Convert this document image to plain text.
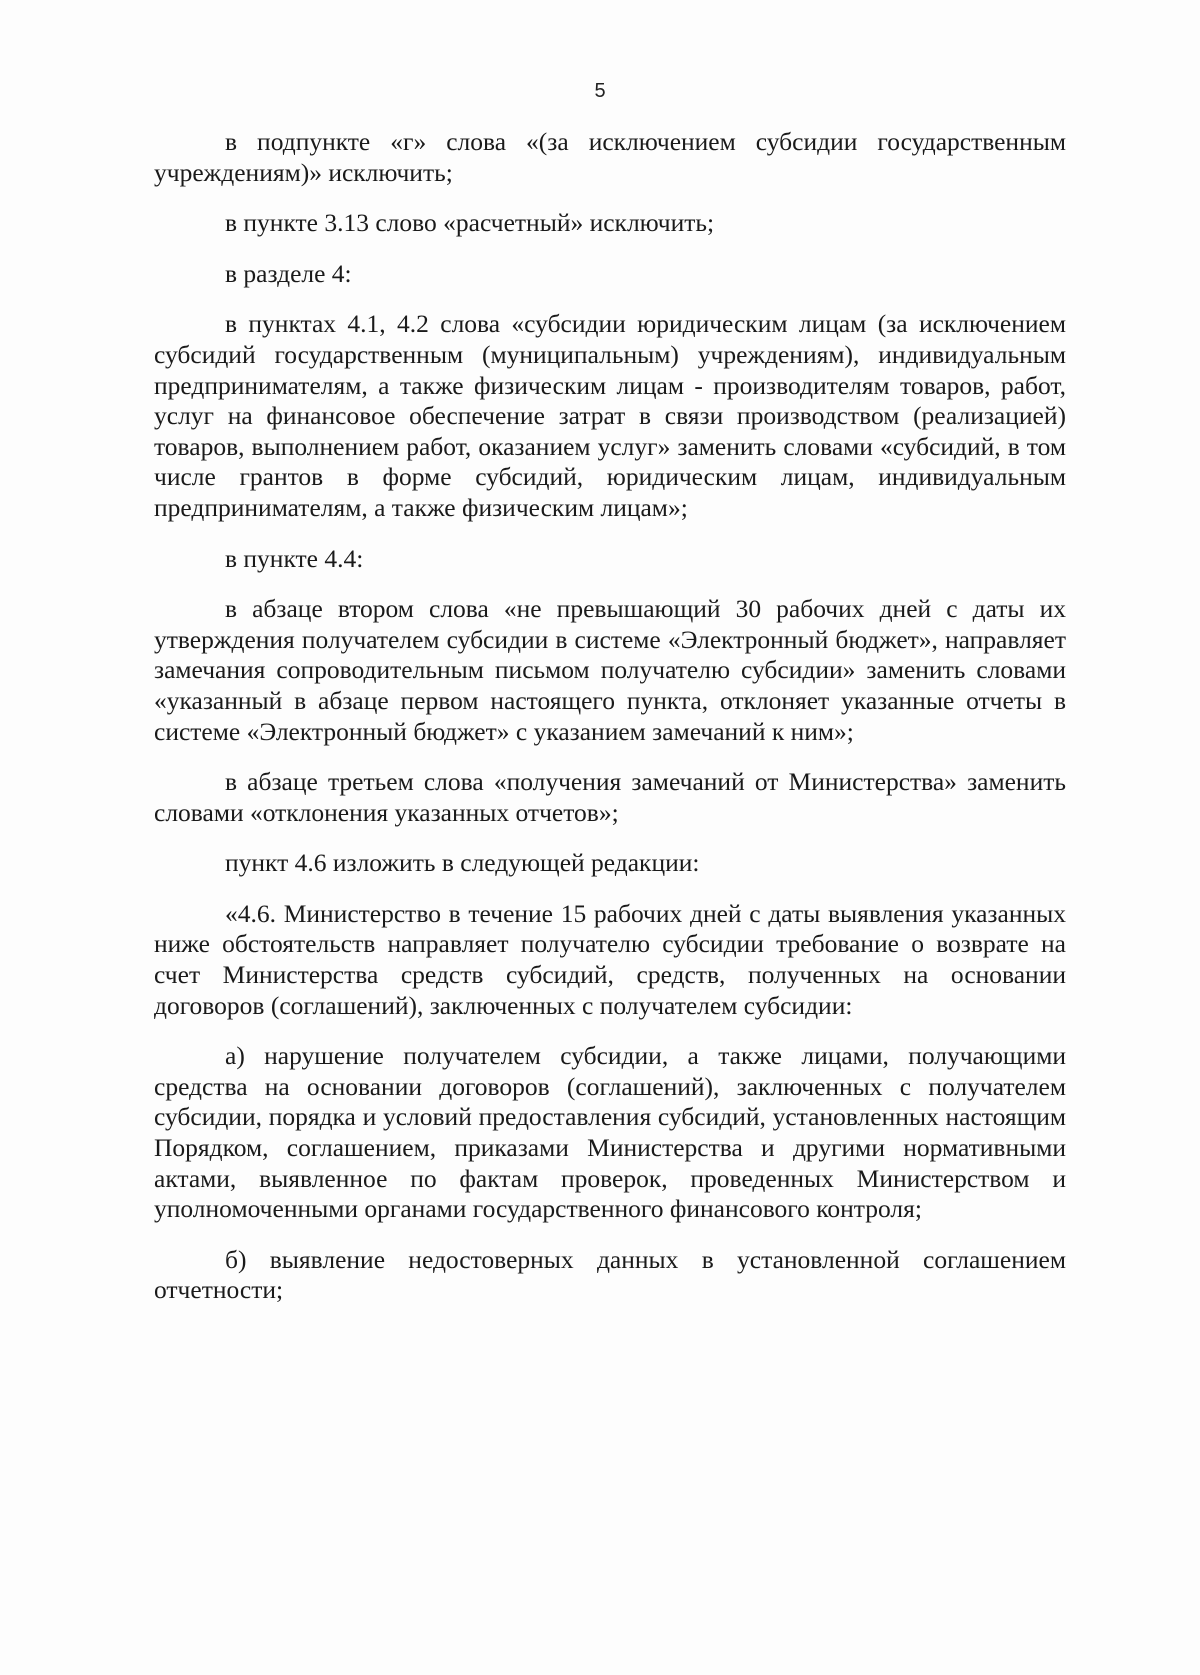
5

в подпункте «г» слова «(за исключением субсидии государственным учреждениям)» исключить;

в пункте 3.13 слово «расчетный» исключить;

в разделе 4:

в пунктах 4.1, 4.2 слова «субсидии юридическим лицам (за исключением субсидий государственным (муниципальным) учреждениям), индивидуальным предпринимателям, а также физическим лицам - производителям товаров, работ, услуг на финансовое обеспечение затрат в связи производством (реализацией) товаров, выполнением работ, оказанием услуг» заменить словами «субсидий, в том числе грантов в форме субсидий, юридическим лицам, индивидуальным предпринимателям, а также физическим лицам»;

в пункте 4.4:

в абзаце втором слова «не превышающий 30 рабочих дней с даты их утверждения получателем субсидии в системе «Электронный бюджет», направляет замечания сопроводительным письмом получателю субсидии» заменить словами «указанный в абзаце первом настоящего пункта, отклоняет указанные отчеты в системе «Электронный бюджет» с указанием замечаний к ним»;

в абзаце третьем слова «получения замечаний от Министерства» заменить словами «отклонения указанных отчетов»;

пункт 4.6 изложить в следующей редакции:

«4.6. Министерство в течение 15 рабочих дней с даты выявления указанных ниже обстоятельств направляет получателю субсидии требование о возврате на счет Министерства средств субсидий, средств, полученных на основании договоров (соглашений), заключенных с получателем субсидии:

а) нарушение получателем субсидии, а также лицами, получающими средства на основании договоров (соглашений), заключенных с получателем субсидии, порядка и условий предоставления субсидий, установленных настоящим Порядком, соглашением, приказами Министерства и другими нормативными актами, выявленное по фактам проверок, проведенных Министерством и уполномоченными органами государственного финансового контроля;

б) выявление недостоверных данных в установленной соглашением отчетности;
